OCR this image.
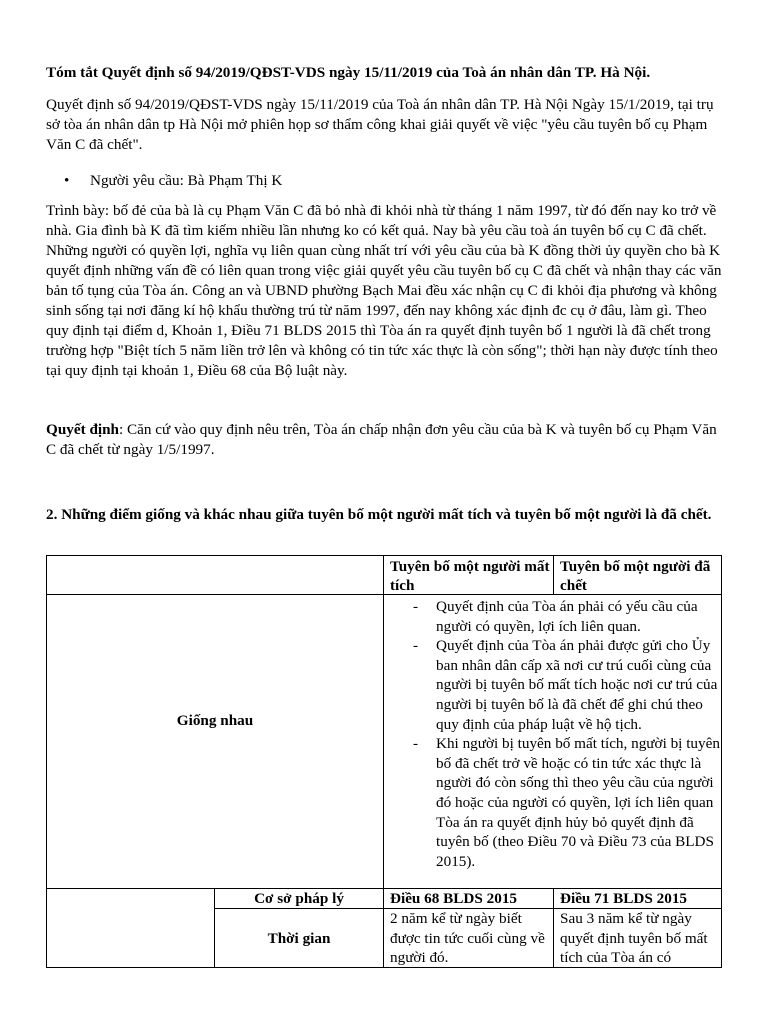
Tóm tắt Quyết định số 94/2019/QĐST-VDS ngày 15/11/2019 của Toà án nhân dân TP. Hà Nội.

Quyết định số 94/2019/QĐST-VDS ngày 15/11/2019 của Toà án nhân dân TP. Hà Nội Ngày 15/1/2019, tại trụ sở tòa án nhân dân tp Hà Nội mở phiên họp sơ thẩm công khai giải quyết về việc "yêu cầu tuyên bố cụ Phạm Văn C đã chết".

• Người yêu cầu: Bà Phạm Thị K

Trình bày: bố đẻ của bà là cụ Phạm Văn C đã bỏ nhà đi khỏi nhà từ tháng 1 năm 1997, từ đó đến nay ko trở về nhà. Gia đình bà K đã tìm kiếm nhiều lần nhưng ko có kết quả. Nay bà yêu cầu toà án tuyên bố cụ C đã chết. Những người có quyền lợi, nghĩa vụ liên quan cùng nhất trí với yêu cầu của bà K đồng thời ủy quyền cho bà K quyết định những vấn đề có liên quan trong việc giải quyết yêu cầu tuyên bố cụ C đã chết và nhận thay các văn bản tố tụng của Tòa án. Công an và UBND phường Bạch Mai đều xác nhận cụ C đi khỏi địa phương và không sinh sống tại nơi đăng kí hộ khẩu thường trú từ năm 1997, đến nay không xác định đc cụ ở đâu, làm gì. Theo quy định tại điểm d, Khoản 1, Điều 71 BLDS 2015 thì Tòa án ra quyết định tuyên bố 1 người là đã chết trong trường hợp "Biệt tích 5 năm liền trở lên và không có tin tức xác thực là còn sống"; thời hạn này được tính theo tại quy định tại khoản 1, Điều 68 của Bộ luật này.

Quyết định: Căn cứ vào quy định nêu trên, Tòa án chấp nhận đơn yêu cầu của bà K và tuyên bố cụ Phạm Văn C đã chết từ ngày 1/5/1997.

2. Những điểm giống và khác nhau giữa tuyên bố một người mất tích và tuyên bố một người là đã chết.

Tuyên bố một người mất tích
Tuyên bố một người đã chết
Giống nhau
- Quyết định của Tòa án phải có yếu cầu của người có quyền, lợi ích liên quan.
- Quyết định của Tòa án phải được gửi cho Ủy ban nhân dân cấp xã nơi cư trú cuối cùng của người bị tuyên bố mất tích hoặc nơi cư trú của người bị tuyên bố là đã chết để ghi chú theo quy định của pháp luật về hộ tịch.
- Khi người bị tuyên bố mất tích, người bị tuyên bố đã chết trở về hoặc có tin tức xác thực là người đó còn sống thì theo yêu cầu của người đó hoặc của người có quyền, lợi ích liên quan Tòa án ra quyết định hủy bỏ quyết định đã tuyên bố (theo Điều 70 và Điều 73 của BLDS 2015).
Cơ sở pháp lý	Điều 68 BLDS 2015	Điều 71 BLDS 2015
Thời gian
2 năm kể từ ngày biết được tin tức cuối cùng về người đó.
Sau 3 năm kể từ ngày quyết định tuyên bố mất tích của Tòa án có
